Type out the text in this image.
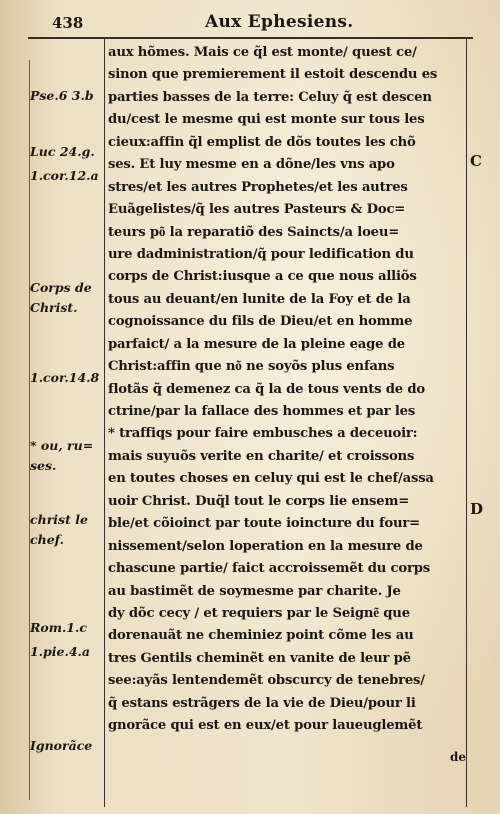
438	Aux Ephesiens.
aux hõmes. Mais ce q̃l est monte/ quest ce/
sinon que premierement il estoit descendu es
parties basses de la terre: Celuy q̃ est descen
du/cest le mesme qui est monte sur tous les
cieux:affin q̃l emplist de dõs toutes les chõ
ses. Et luy mesme en a dõne/les vns apo
stres/et les autres Prophetes/et les autres
Euãgelistes/q̃ les autres Pasteurs & Doc=
teurs po͂ la reparatiõ des Saincts/a loeu=
ure dadministration/q̃ pour ledification du
corps de Christ:iusque a ce que nous alliõs
tous au deuant/en lunite de la Foy et de la
cognoissance du fils de Dieu/et en homme
parfaict/ a la mesure de la pleine eage de
Christ:affin que no͂ ne soyõs plus enfans
flotãs q̃ demenez ca q̃ la de tous vents de do
ctrine/par la fallace des hommes et par les
* traffiqs pour faire embusches a deceuoir:
mais suyuõs verite en charite/ et croissons
en toutes choses en celuy qui est le chef/assa
uoir Christ. Duq̃l tout le corps lie ensem=
ble/et cõioinct par toute ioincture du four=
nissement/selon loperation en la mesure de
chascune partie/ faict accroissemẽt du corps
au bastimẽt de soymesme par charite. Je
dy dõc cecy / et requiers par le Seigne͂ que
dorenauãt ne cheminiez point cõme les au
tres Gentils cheminẽt en vanite de leur pẽ
see:ayãs lentendemẽt obscurcy de tenebres/
q̃ estans estrãgers de la vie de Dieu/pour li
gnorãce qui est en eux/et pour laueuglemẽt
Pse.6 3.b
Luc 24.g.
1.cor.12.a
Corps de
Christ.
1.cor.14.8
* ou, ru=
ses.
christ le
chef.
Rom.1.c
1.pie.4.a
Ignorãce
C
D
de
